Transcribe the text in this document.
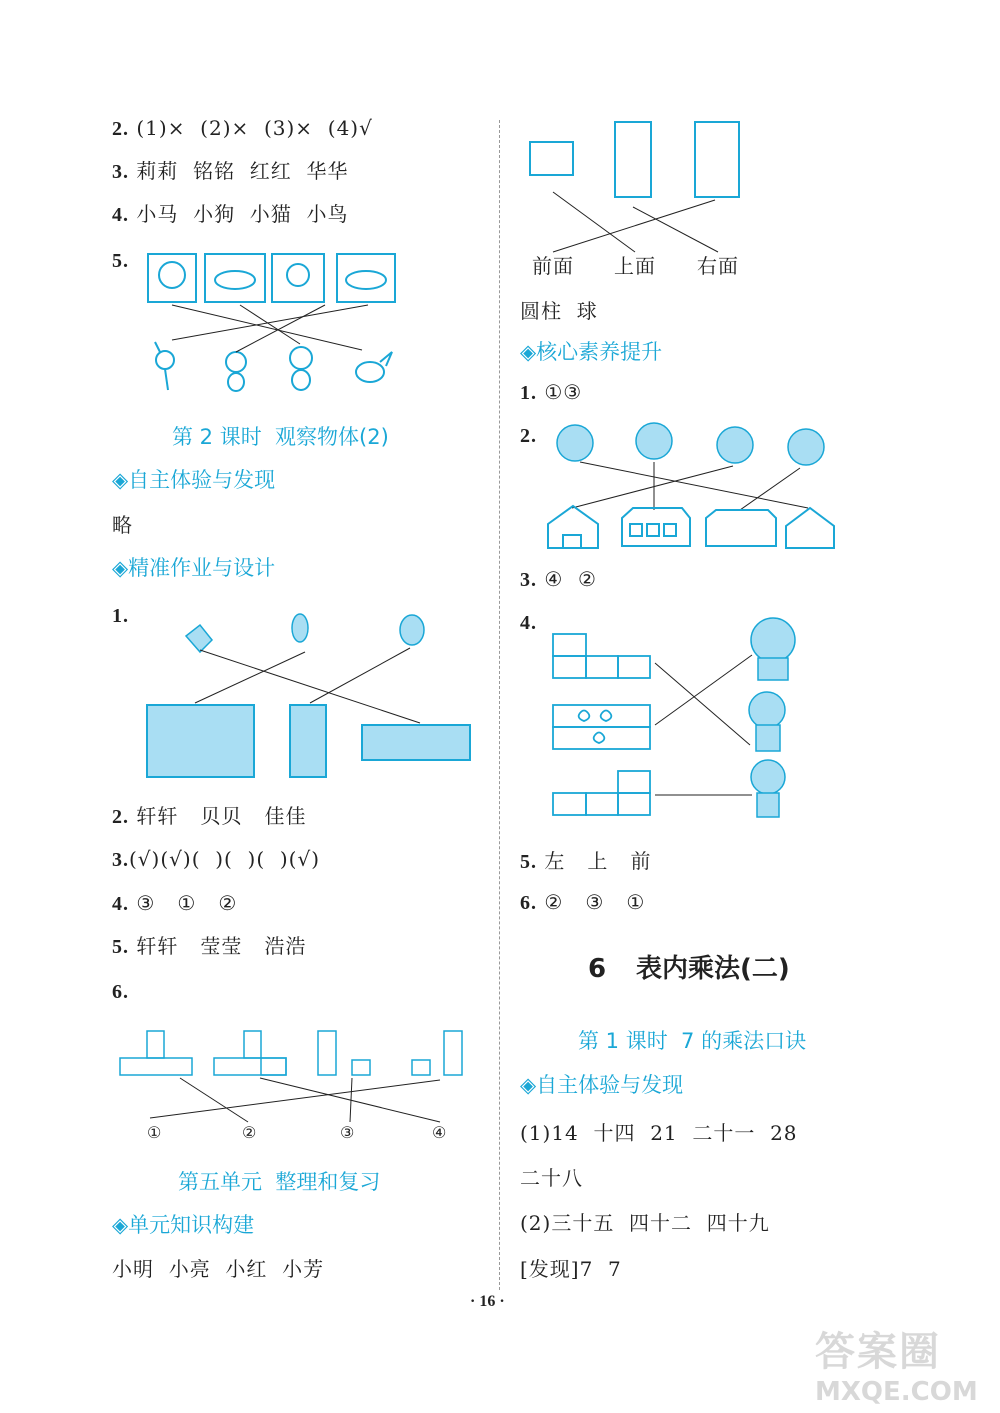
2. (1)×  (2)×  (3)×  (4)√
3. 莉莉  铭铭  红红  华华
4. 小马  小狗  小猫  小鸟
5.
第 2 课时  观察物体(2)
◈自主体验与发现
略
◈精准作业与设计
1.
2. 轩轩   贝贝   佳佳
3.(√)(√)(  )(  )(  )(√)
4. ③   ①   ②
5. 轩轩   莹莹   浩浩
6.
①	②	③	④
第五单元  整理和复习
◈单元知识构建
小明  小亮  小红  小芳
前面 上面 右面
圆柱  球
◈核心素养提升
1. ①③
2.
3. ④  ②
4.
5. 左   上   前
6. ②   ③   ①
6 表内乘法(二)
第 1 课时  7 的乘法口诀
◈自主体验与发现
(1)14  十四  21  二十一  28
二十八
(2)三十五  四十二  四十九
[发现]7  7
· 16 ·
答案圈
MXQE.COM
